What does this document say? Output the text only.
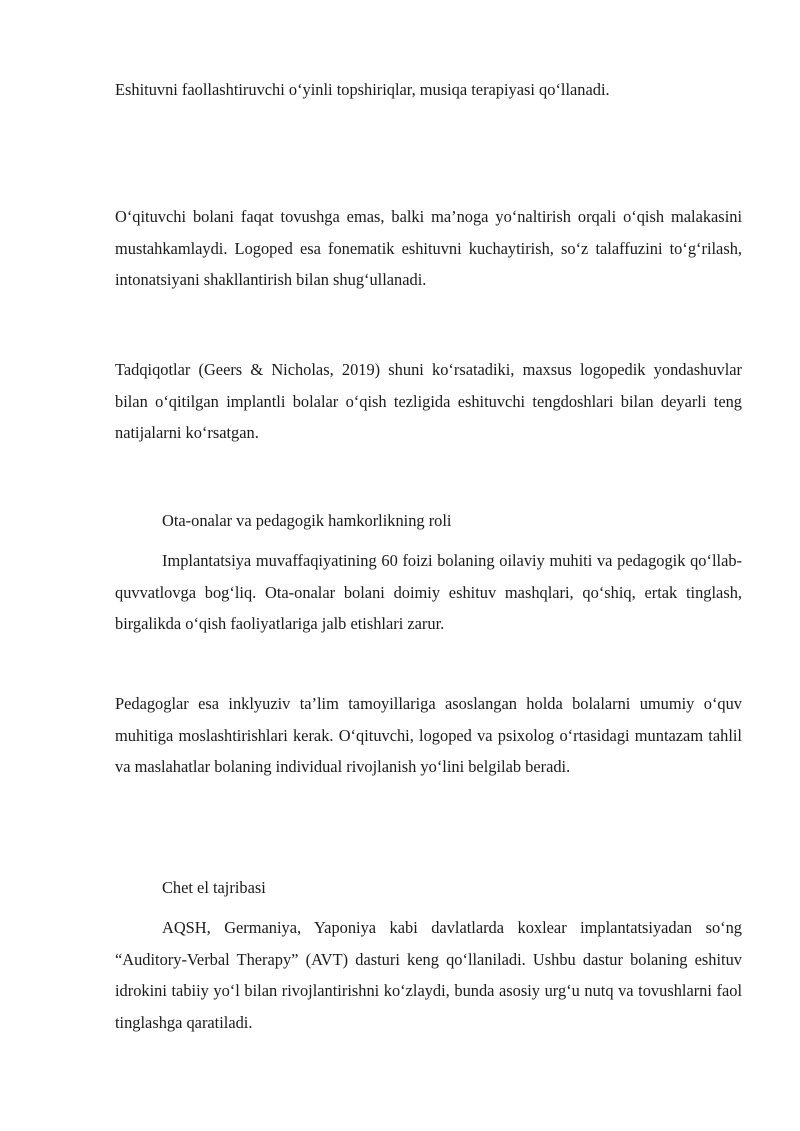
Eshituvni faollashtiruvchi o‘yinli topshiriqlar, musiqa terapiyasi qo‘llanadi.

O‘qituvchi bolani faqat tovushga emas, balki ma’noga yo‘naltirish orqali o‘qish malakasini mustahkamlaydi. Logoped esa fonematik eshituvni kuchaytirish, so‘z talaffuzini to‘g‘rilash, intonatsiyani shakllantirish bilan shug‘ullanadi.

Tadqiqotlar (Geers & Nicholas, 2019) shuni ko‘rsatadiki, maxsus logopedik yondashuvlar bilan o‘qitilgan implantli bolalar o‘qish tezligida eshituvchi tengdoshlari bilan deyarli teng natijalarni ko‘rsatgan.

Ota-onalar va pedagogik hamkorlikning roli

Implantatsiya muvaffaqiyatining 60 foizi bolaning oilaviy muhiti va pedagogik qo‘llab-quvvatlovga bog‘liq. Ota-onalar bolani doimiy eshituv mashqlari, qo‘shiq, ertak tinglash, birgalikda o‘qish faoliyatlariga jalb etishlari zarur.

Pedagoglar esa inklyuziv ta’lim tamoyillariga asoslangan holda bolalarni umumiy o‘quv muhitiga moslashtirishlari kerak. O‘qituvchi, logoped va psixolog o‘rtasidagi muntazam tahlil va maslahatlar bolaning individual rivojlanish yo‘lini belgilab beradi.

Chet el tajribasi

AQSH, Germaniya, Yaponiya kabi davlatlarda koxlear implantatsiyadan so‘ng “Auditory-Verbal Therapy” (AVT) dasturi keng qo‘llaniladi. Ushbu dastur bolaning eshituv idrokini tabiiy yo‘l bilan rivojlantirishni ko‘zlaydi, bunda asosiy urg‘u nutq va tovushlarni faol tinglashga qaratiladi.
